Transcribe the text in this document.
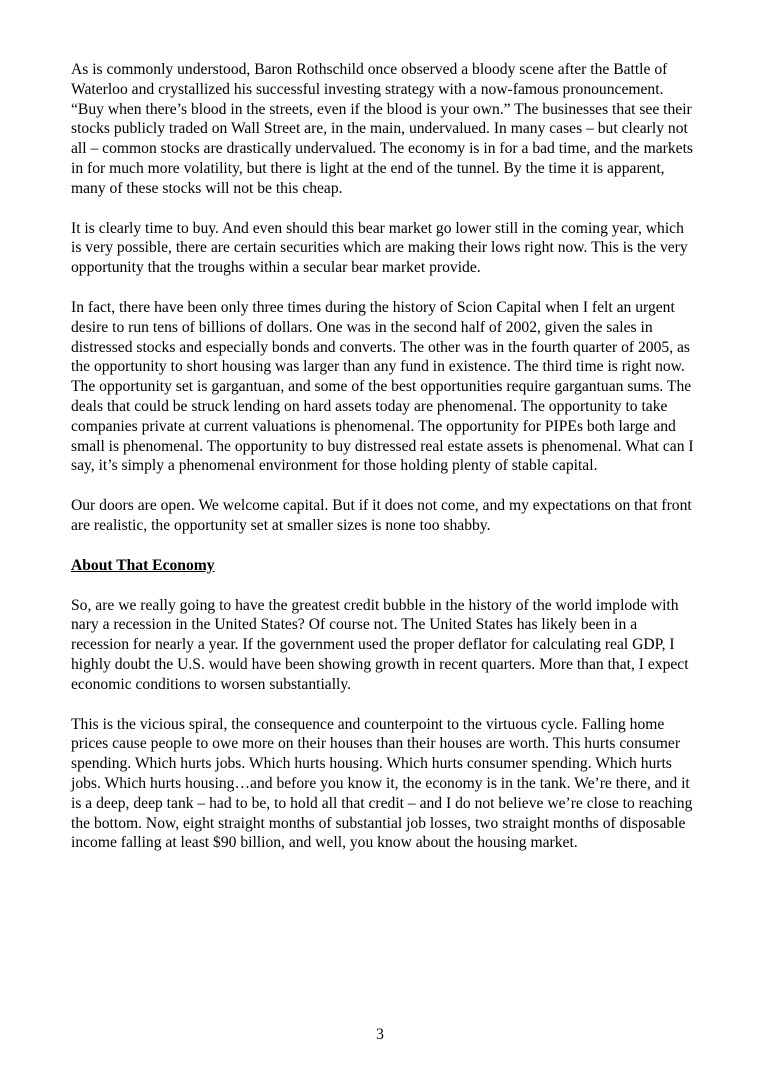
As is commonly understood, Baron Rothschild once observed a bloody scene after the Battle of Waterloo and crystallized his successful investing strategy with a now-famous pronouncement. “Buy when there’s blood in the streets, even if the blood is your own.” The businesses that see their stocks publicly traded on Wall Street are, in the main, undervalued. In many cases – but clearly not all – common stocks are drastically undervalued. The economy is in for a bad time, and the markets in for much more volatility, but there is light at the end of the tunnel. By the time it is apparent, many of these stocks will not be this cheap.

It is clearly time to buy. And even should this bear market go lower still in the coming year, which is very possible, there are certain securities which are making their lows right now. This is the very opportunity that the troughs within a secular bear market provide.

In fact, there have been only three times during the history of Scion Capital when I felt an urgent desire to run tens of billions of dollars. One was in the second half of 2002, given the sales in distressed stocks and especially bonds and converts. The other was in the fourth quarter of 2005, as the opportunity to short housing was larger than any fund in existence. The third time is right now. The opportunity set is gargantuan, and some of the best opportunities require gargantuan sums. The deals that could be struck lending on hard assets today are phenomenal. The opportunity to take companies private at current valuations is phenomenal. The opportunity for PIPEs both large and small is phenomenal. The opportunity to buy distressed real estate assets is phenomenal. What can I say, it’s simply a phenomenal environment for those holding plenty of stable capital.

Our doors are open. We welcome capital. But if it does not come, and my expectations on that front are realistic, the opportunity set at smaller sizes is none too shabby.

About That Economy

So, are we really going to have the greatest credit bubble in the history of the world implode with nary a recession in the United States? Of course not. The United States has likely been in a recession for nearly a year. If the government used the proper deflator for calculating real GDP, I highly doubt the U.S. would have been showing growth in recent quarters. More than that, I expect economic conditions to worsen substantially.

This is the vicious spiral, the consequence and counterpoint to the virtuous cycle. Falling home prices cause people to owe more on their houses than their houses are worth. This hurts consumer spending. Which hurts jobs. Which hurts housing. Which hurts consumer spending. Which hurts jobs. Which hurts housing…and before you know it, the economy is in the tank. We’re there, and it is a deep, deep tank – had to be, to hold all that credit – and I do not believe we’re close to reaching the bottom. Now, eight straight months of substantial job losses, two straight months of disposable income falling at least $90 billion, and well, you know about the housing market.

3
